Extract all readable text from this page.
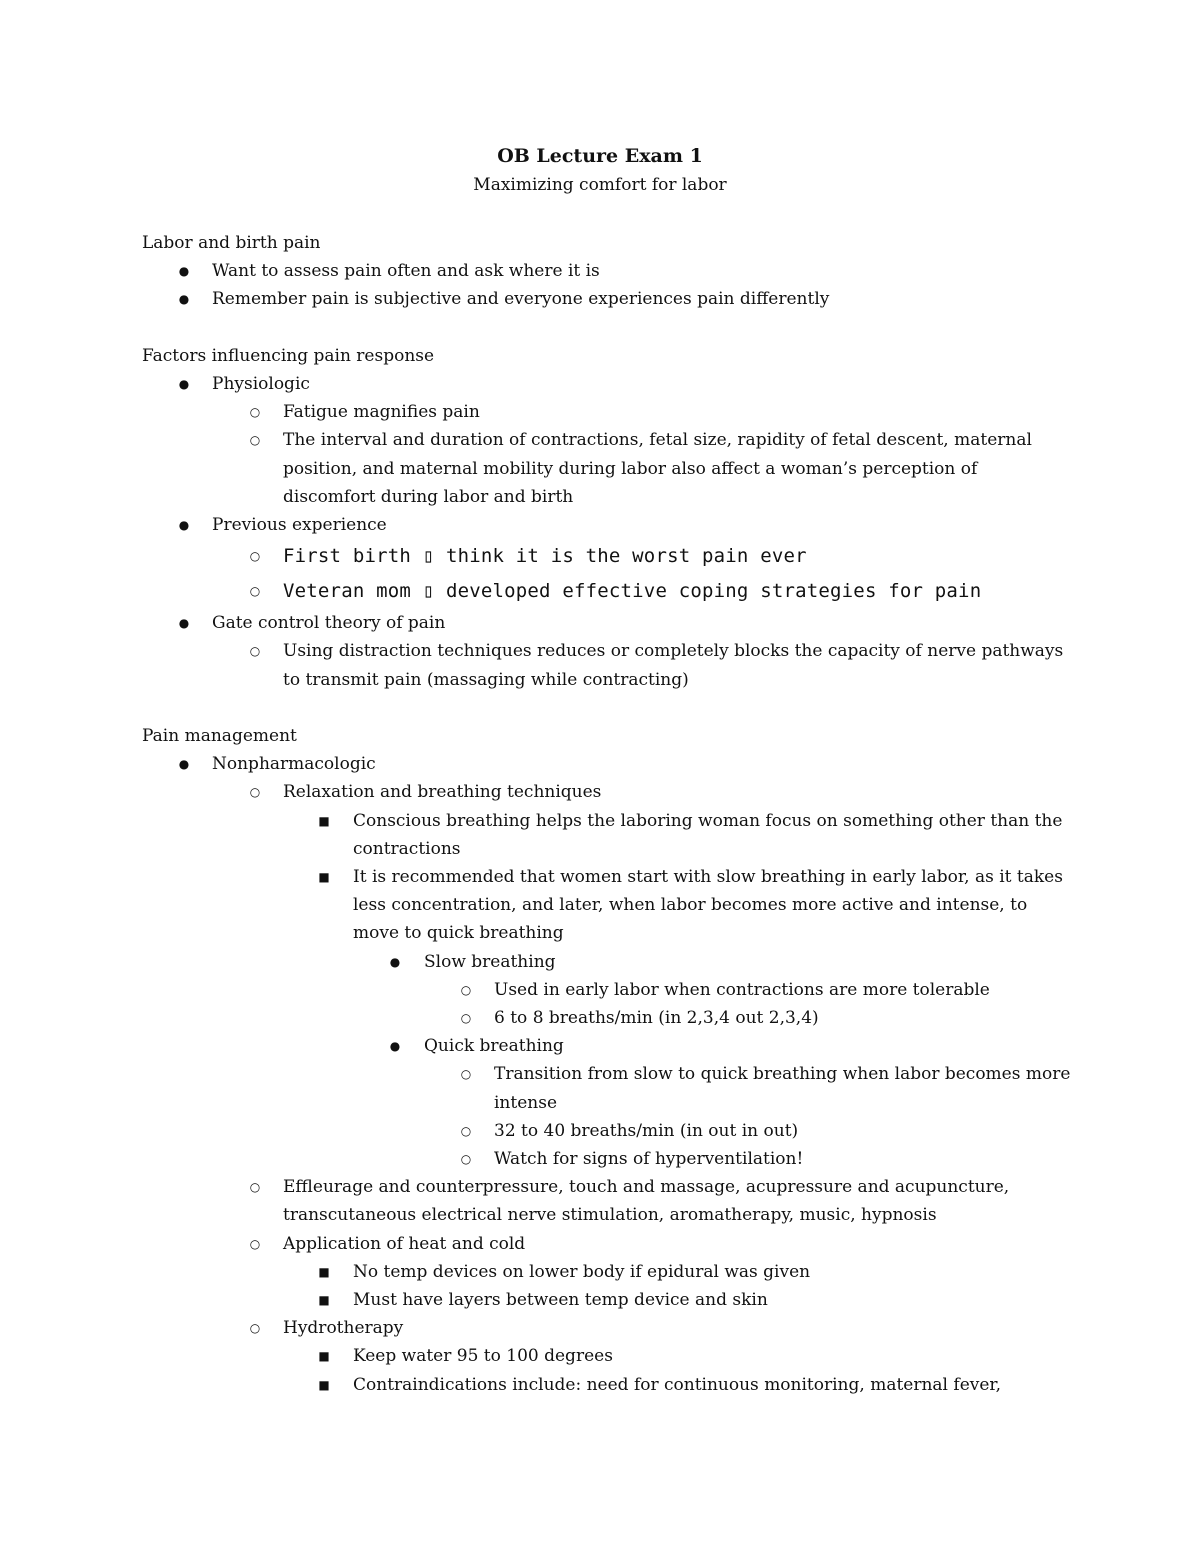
OB Lecture Exam 1
Maximizing comfort for labor
Labor and birth pain
● Want to assess pain often and ask where it is
● Remember pain is subjective and everyone experiences pain differently
Factors influencing pain response
● Physiologic
○ Fatigue magnifies pain
○ The interval and duration of contractions, fetal size, rapidity of fetal descent, maternal position, and maternal mobility during labor also affect a woman’s perception of discomfort during labor and birth
● Previous experience
○ First birth ▯ think it is the worst pain ever
○ Veteran mom ▯ developed effective coping strategies for pain
● Gate control theory of pain
○ Using distraction techniques reduces or completely blocks the capacity of nerve pathways to transmit pain (massaging while contracting)
Pain management
● Nonpharmacologic
○ Relaxation and breathing techniques
■ Conscious breathing helps the laboring woman focus on something other than the contractions
■ It is recommended that women start with slow breathing in early labor, as it takes less concentration, and later, when labor becomes more active and intense, to move to quick breathing
● Slow breathing
○ Used in early labor when contractions are more tolerable
○ 6 to 8 breaths/min (in 2,3,4 out 2,3,4)
● Quick breathing
○ Transition from slow to quick breathing when labor becomes more intense
○ 32 to 40 breaths/min (in out in out)
○ Watch for signs of hyperventilation!
○ Effleurage and counterpressure, touch and massage, acupressure and acupuncture, transcutaneous electrical nerve stimulation, aromatherapy, music, hypnosis
○ Application of heat and cold
■ No temp devices on lower body if epidural was given
■ Must have layers between temp device and skin
○ Hydrotherapy
■ Keep water 95 to 100 degrees
■ Contraindications include: need for continuous monitoring, maternal fever,
